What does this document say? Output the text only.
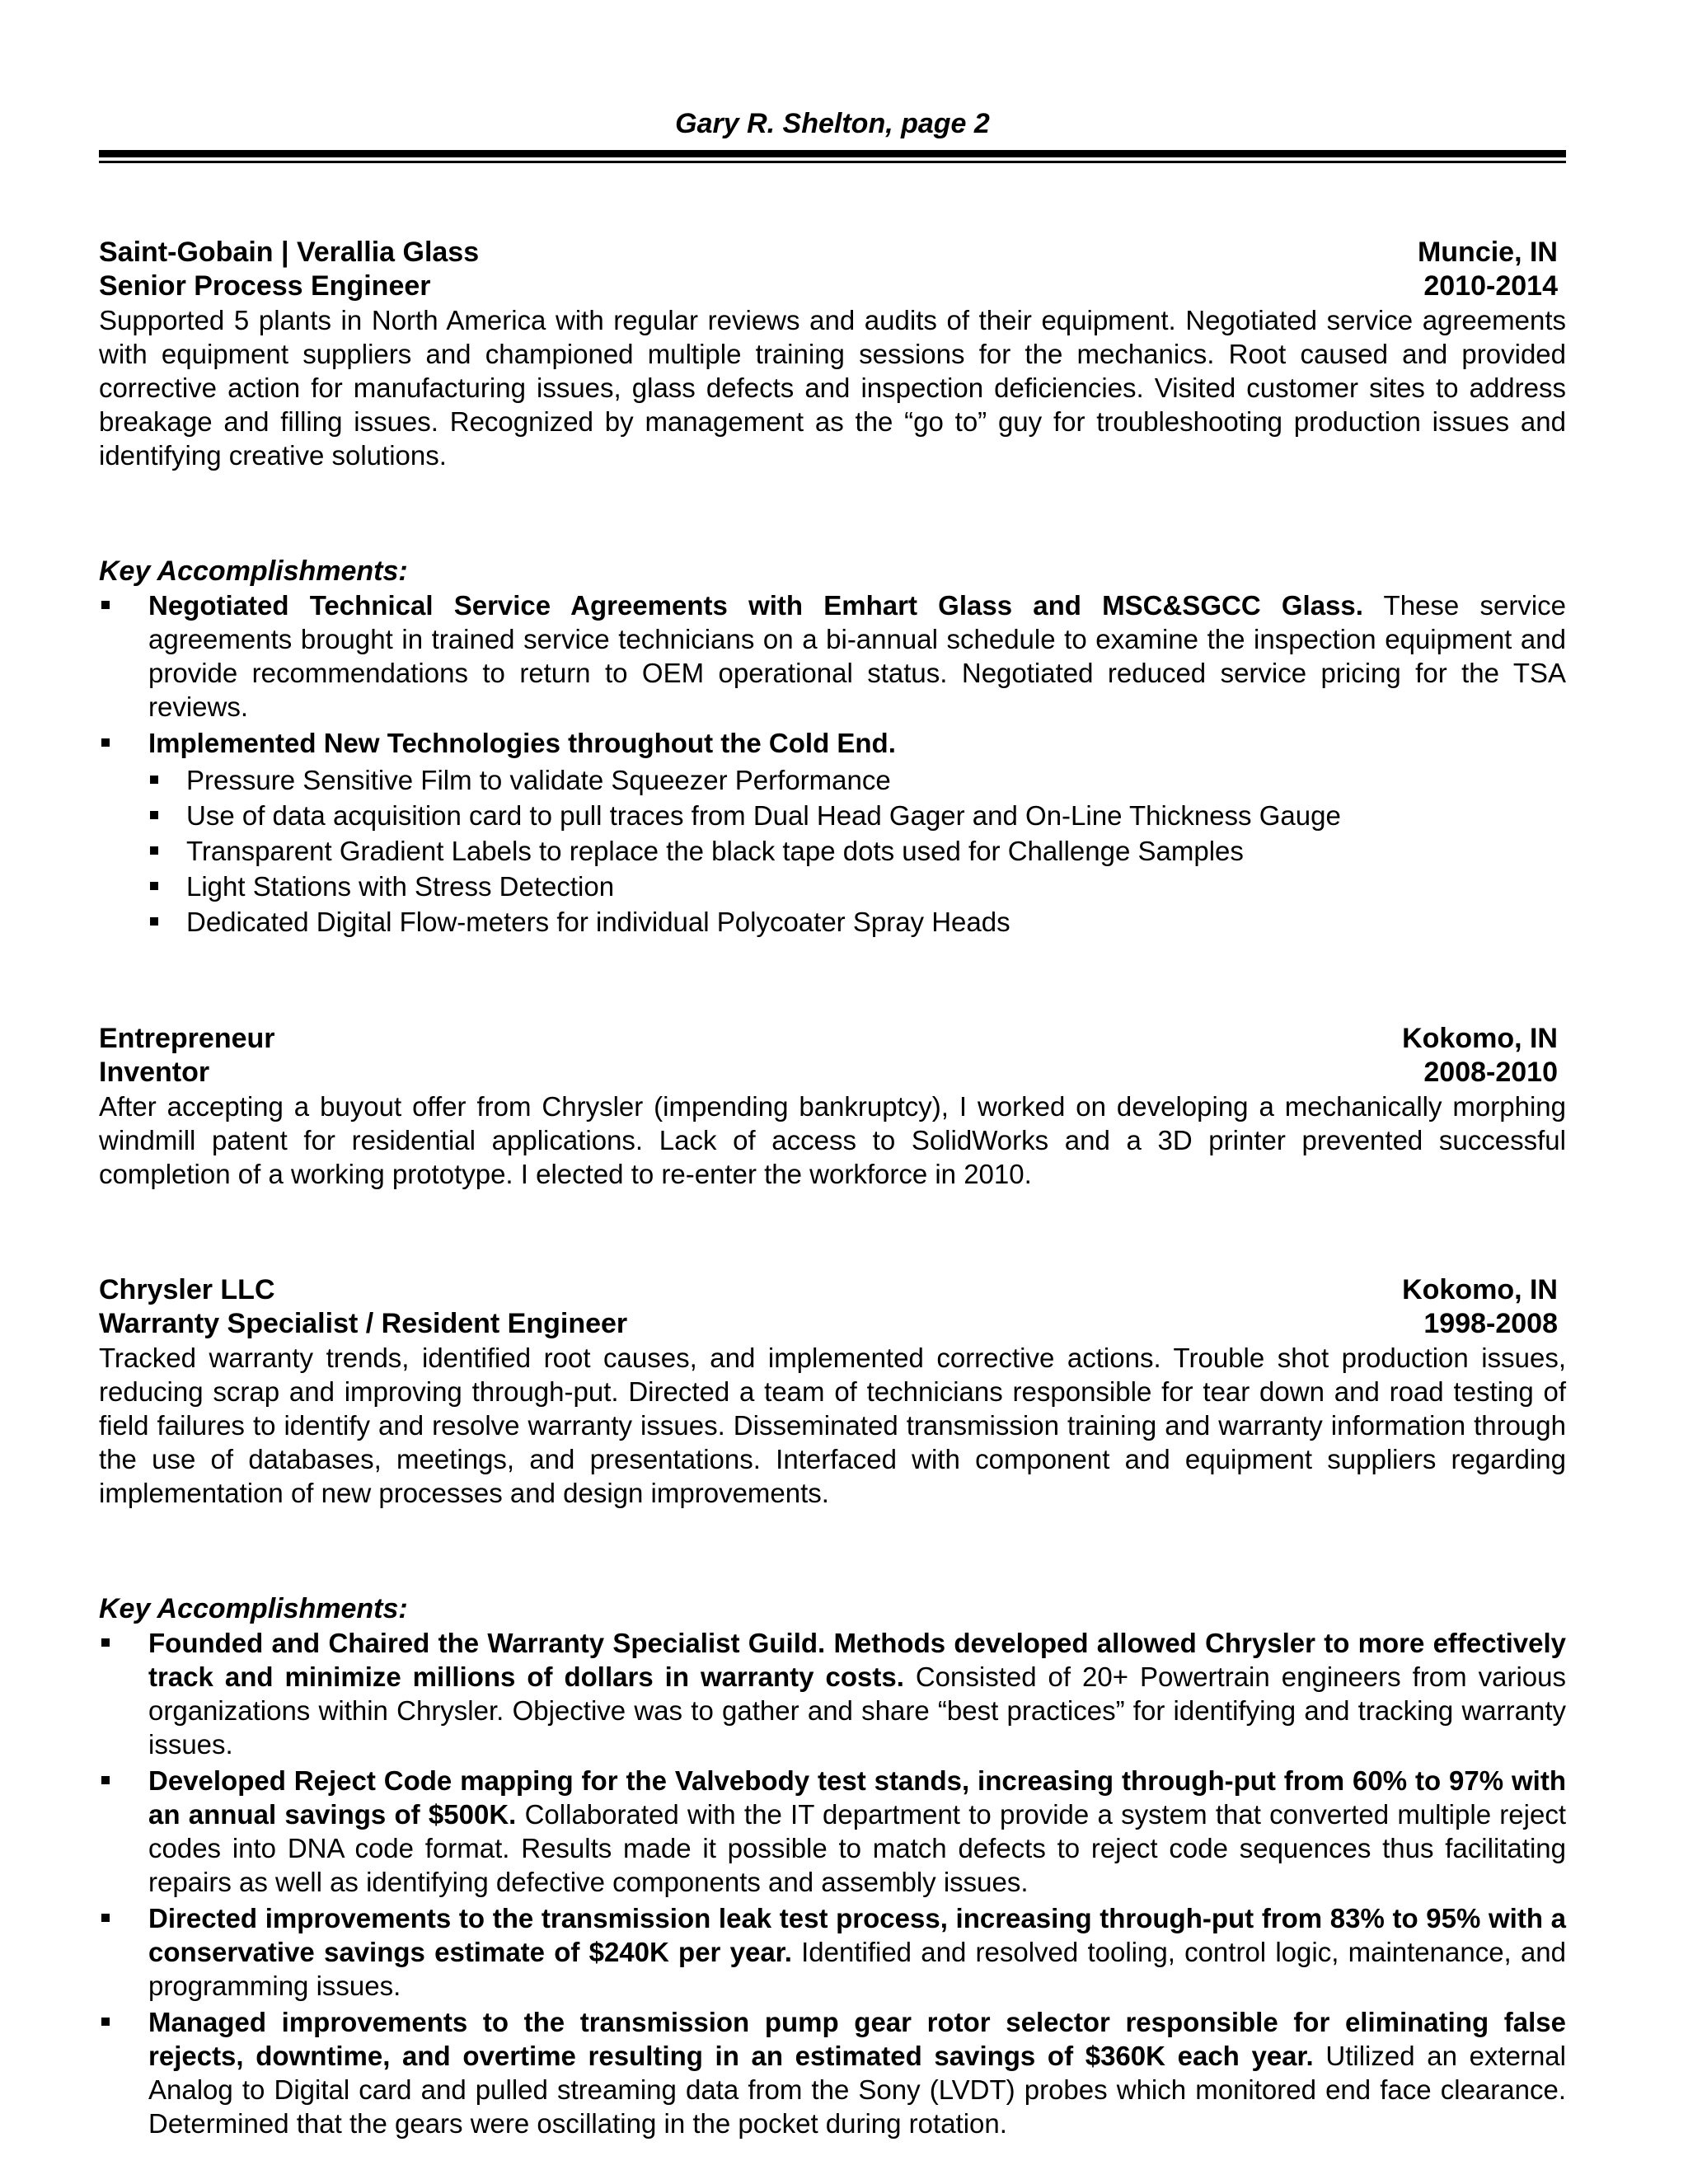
Gary R. Shelton, page 2
Saint-Gobain | Verallia Glass	Muncie, IN
Senior Process Engineer	2010-2014

Supported 5 plants in North America with regular reviews and audits of their equipment. Negotiated service agreements with equipment suppliers and championed multiple training sessions for the mechanics. Root caused and provided corrective action for manufacturing issues, glass defects and inspection deficiencies. Visited customer sites to address breakage and filling issues. Recognized by management as the “go to” guy for troubleshooting production issues and identifying creative solutions.

Key Accomplishments:
Negotiated Technical Service Agreements with Emhart Glass and MSC&SGCC Glass. These service agreements brought in trained service technicians on a bi-annual schedule to examine the inspection equipment and provide recommendations to return to OEM operational status. Negotiated reduced service pricing for the TSA reviews.
Implemented New Technologies throughout the Cold End.
Pressure Sensitive Film to validate Squeezer Performance
Use of data acquisition card to pull traces from Dual Head Gager and On-Line Thickness Gauge
Transparent Gradient Labels to replace the black tape dots used for Challenge Samples
Light Stations with Stress Detection
Dedicated Digital Flow-meters for individual Polycoater Spray Heads
Entrepreneur	Kokomo, IN
Inventor	2008-2010

After accepting a buyout offer from Chrysler (impending bankruptcy), I worked on developing a mechanically morphing windmill patent for residential applications. Lack of access to SolidWorks and a 3D printer prevented successful completion of a working prototype. I elected to re-enter the workforce in 2010.

Chrysler LLC	Kokomo, IN
Warranty Specialist / Resident Engineer	1998-2008

Tracked warranty trends, identified root causes, and implemented corrective actions. Trouble shot production issues, reducing scrap and improving through-put. Directed a team of technicians responsible for tear down and road testing of field failures to identify and resolve warranty issues. Disseminated transmission training and warranty information through the use of databases, meetings, and presentations. Interfaced with component and equipment suppliers regarding implementation of new processes and design improvements.

Key Accomplishments:
Founded and Chaired the Warranty Specialist Guild. Methods developed allowed Chrysler to more effectively track and minimize millions of dollars in warranty costs. Consisted of 20+ Powertrain engineers from various organizations within Chrysler. Objective was to gather and share “best practices” for identifying and tracking warranty issues.
Developed Reject Code mapping for the Valvebody test stands, increasing through-put from 60% to 97% with an annual savings of $500K. Collaborated with the IT department to provide a system that converted multiple reject codes into DNA code format. Results made it possible to match defects to reject code sequences thus facilitating repairs as well as identifying defective components and assembly issues.
Directed improvements to the transmission leak test process, increasing through-put from 83% to 95% with a conservative savings estimate of $240K per year. Identified and resolved tooling, control logic, maintenance, and programming issues.
Managed improvements to the transmission pump gear rotor selector responsible for eliminating false rejects, downtime, and overtime resulting in an estimated savings of $360K each year. Utilized an external Analog to Digital card and pulled streaming data from the Sony (LVDT) probes which monitored end face clearance. Determined that the gears were oscillating in the pocket during rotation.
